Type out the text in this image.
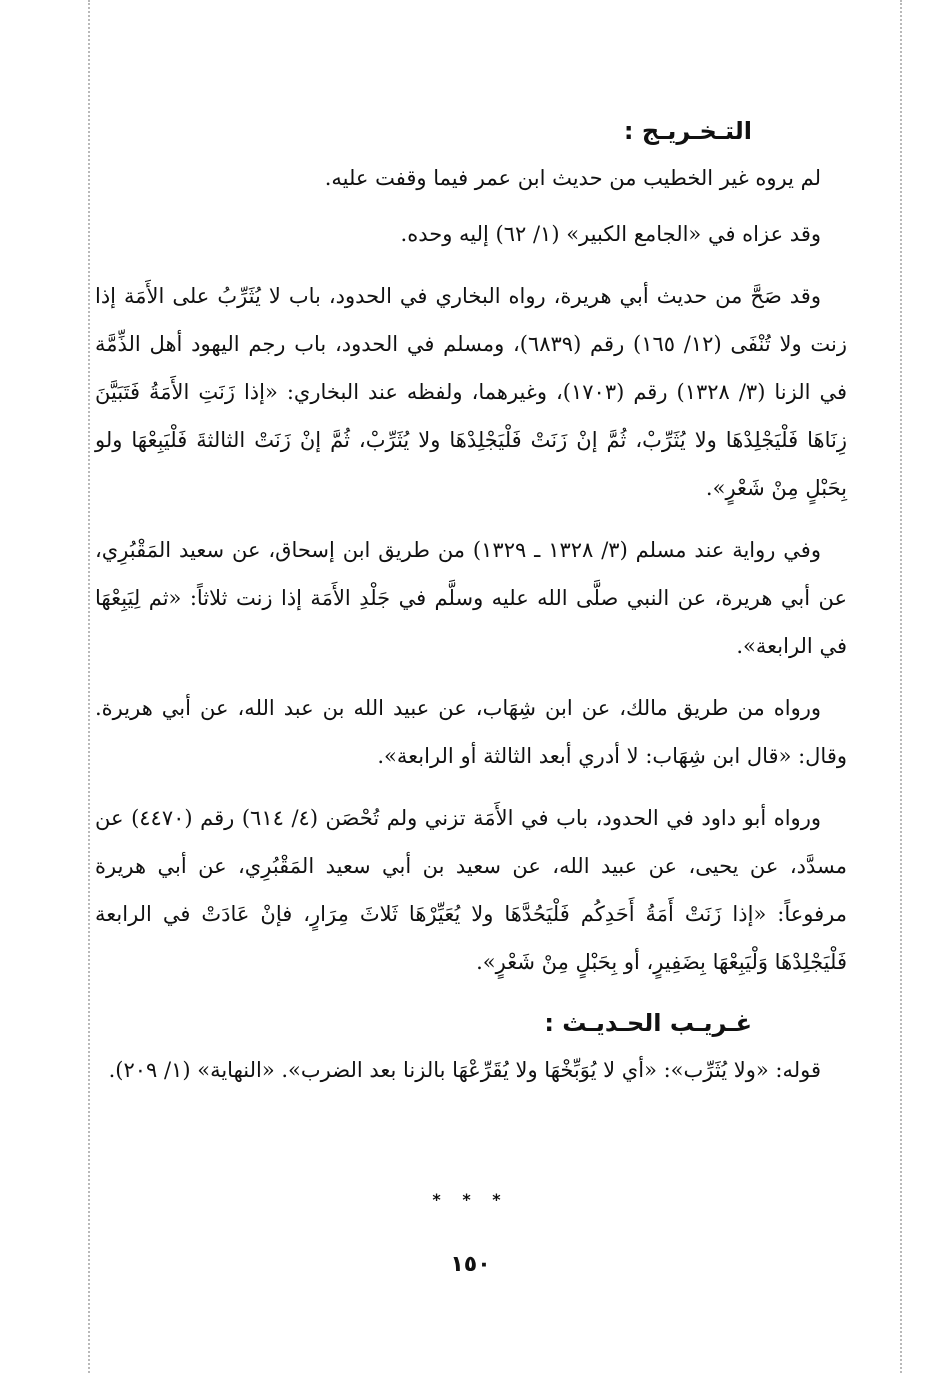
التـخـريـج :

لم يروه غير الخطيب من حديث ابن عمر فيما وقفت عليه.

وقد عزاه في «الجامع الكبير» (١/ ٦٢) إليه وحده.

وقد صَحَّ من حديث أبي هريرة، رواه البخاري في الحدود، باب لا يُثَرِّبُ على الأَمَة إذا زنت ولا تُنْفَى (١٢/ ١٦٥) رقم (٦٨٣٩)، ومسلم في الحدود، باب رجم اليهود أهل الذِّمَّة في الزنا (٣/ ١٣٢٨) رقم (١٧٠٣)، وغيرهما، ولفظه عند البخاري: «إذا زَنَتِ الأَمَةُ فَتَبَيَّنَ زِنَاهَا فَلْيَجْلِدْهَا ولا يُثَرِّبْ، ثُمَّ إنْ زَنَتْ فَلْيَجْلِدْهَا ولا يُثَرِّبْ، ثُمَّ إنْ زَنَتْ الثالثةَ فَلْيَبِعْهَا ولو بِحَبْلٍ مِنْ شَعْرٍ».

وفي رواية عند مسلم (٣/ ١٣٢٨ ـ ١٣٢٩) من طريق ابن إسحاق، عن سعيد المَقْبُرِي، عن أبي هريرة، عن النبي صلَّى الله عليه وسلَّم في جَلْدِ الأَمَة إذا زنت ثلاثاً: «ثم لِيَبِعْهَا في الرابعة».

ورواه من طريق مالك، عن ابن شِهَاب، عن عبيد الله بن عبد الله، عن أبي هريرة. وقال: «قال ابن شِهَاب: لا أدري أبعد الثالثة أو الرابعة».

ورواه أبو داود في الحدود، باب في الأَمَة تزني ولم تُحْصَن (٤/ ٦١٤) رقم (٤٤٧٠) عن مسدَّد، عن يحيى، عن عبيد الله، عن سعيد بن أبي سعيد المَقْبُرِي، عن أبي هريرة مرفوعاً: «إذا زَنَتْ أَمَةُ أَحَدِكُم فَلْيَحُدَّهَا ولا يُعَيِّرْهَا ثَلاثَ مِرَارٍ، فإنْ عَادَتْ في الرابعة فَلْيَجْلِدْهَا وَلْيَبِعْهَا بِضَفِيرٍ، أو بِحَبْلٍ مِنْ شَعْرٍ».

غـريـب الحـديـث :

قوله: «ولا يُثَرِّب»: «أي لا يُوَبِّخْهَا ولا يُقَرِّعْهَا بالزنا بعد الضرب». «النهاية» (١/ ٢٠٩).

* * *
١٥٠
